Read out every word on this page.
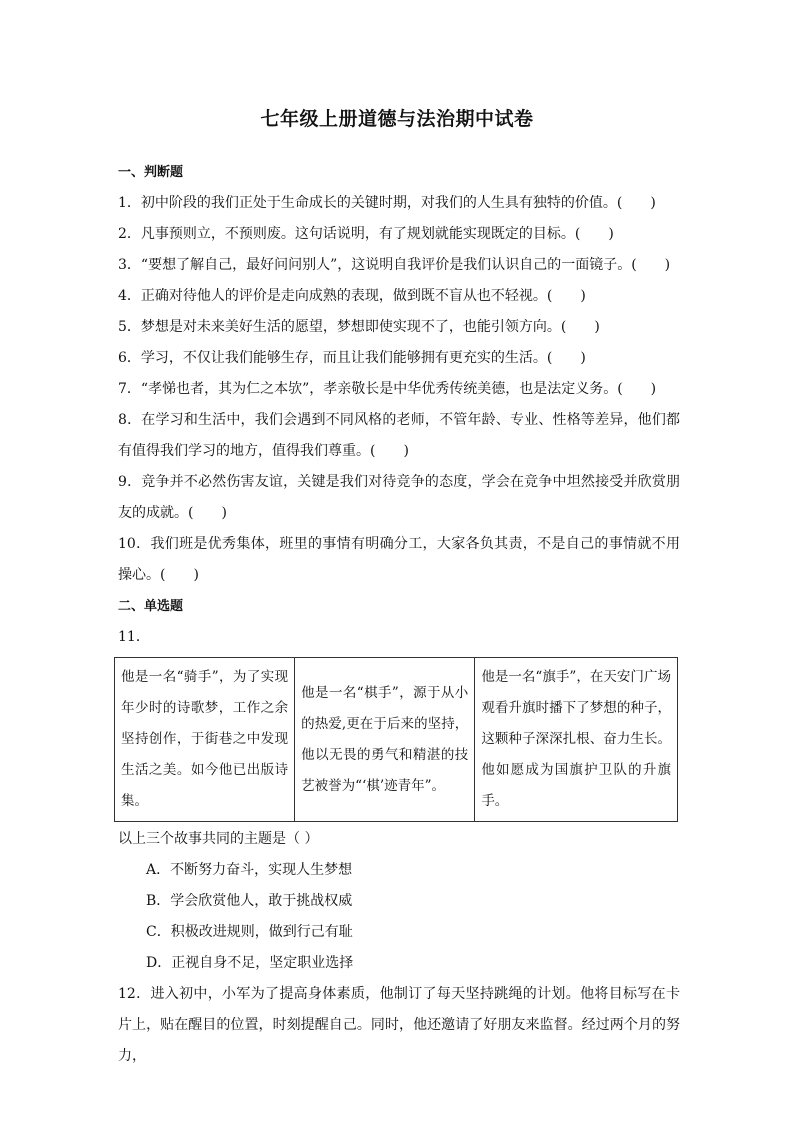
七年级上册道德与法治期中试卷
一、判断题
1．初中阶段的我们正处于生命成长的关键时期，对我们的人生具有独特的价值。(　　)
2．凡事预则立，不预则废。这句话说明，有了规划就能实现既定的目标。(　　)
3．“要想了解自己，最好问问别人”，这说明自我评价是我们认识自己的一面镜子。(　　)
4．正确对待他人的评价是走向成熟的表现，做到既不盲从也不轻视。(　　)
5．梦想是对未来美好生活的愿望，梦想即使实现不了，也能引领方向。(　　)
6．学习，不仅让我们能够生存，而且让我们能够拥有更充实的生活。(　　)
7．“孝悌也者，其为仁之本欤”，孝亲敬长是中华优秀传统美德，也是法定义务。(　　)
8．在学习和生活中，我们会遇到不同风格的老师，不管年龄、专业、性格等差异，他们都有值得我们学习的地方，值得我们尊重。(　　)
9．竞争并不必然伤害友谊，关键是我们对待竞争的态度，学会在竞争中坦然接受并欣赏朋友的成就。(　　)
10．我们班是优秀集体，班里的事情有明确分工，大家各负其责，不是自己的事情就不用操心。(　　)
二、单选题
11．
他是一名“骑手”，为了实现年少时的诗歌梦，工作之余坚持创作，于街巷之中发现生活之美。如今他已出版诗集。	他是一名“棋手”，源于从小的热爱,更在于后来的坚持，他以无畏的勇气和精湛的技艺被誉为“‘棋’迹青年”。	他是一名“旗手”，在天安门广场观看升旗时播下了梦想的种子，这颗种子深深扎根、奋力生长。他如愿成为国旗护卫队的升旗手。
以上三个故事共同的主题是（ ）
A．不断努力奋斗，实现人生梦想
B．学会欣赏他人，敢于挑战权威
C．积极改进规则，做到行己有耻
D．正视自身不足，坚定职业选择
12．进入初中，小军为了提高身体素质，他制订了每天坚持跳绳的计划。他将目标写在卡片上，贴在醒目的位置，时刻提醒自己。同时，他还邀请了好朋友来监督。经过两个月的努力，
